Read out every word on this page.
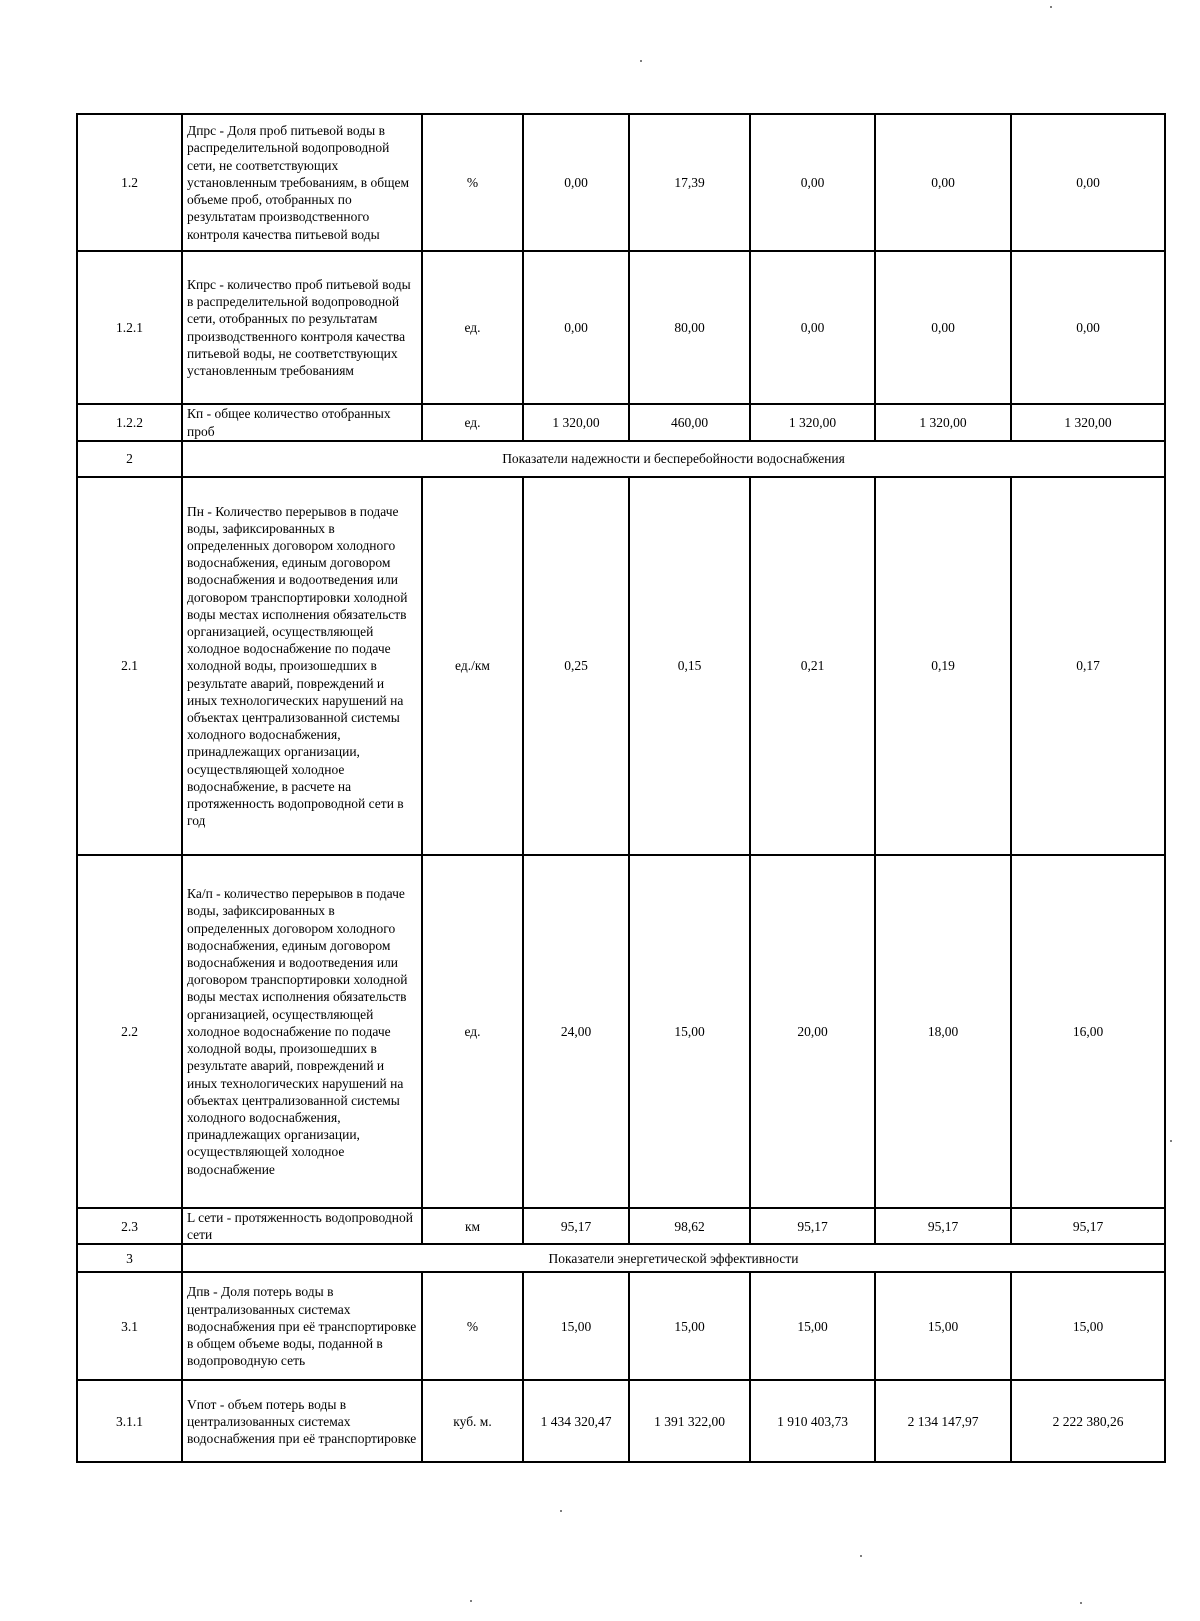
1.2	Дпрс - Доля проб питьевой воды в распределительной водопроводной сети, не соответствующих установленным требованиям, в общем объеме проб, отобранных по результатам производственного контроля качества питьевой воды	%	0,00	17,39	0,00	0,00	0,00
1.2.1	Кпрс - количество проб питьевой воды в распределительной водопроводной сети, отобранных по результатам производственного контроля качества питьевой воды, не соответствующих установленным требованиям	ед.	0,00	80,00	0,00	0,00	0,00
1.2.2	Кп - общее количество отобранных проб	ед.	1 320,00	460,00	1 320,00	1 320,00	1 320,00
2	Показатели надежности и бесперебойности водоснабжения						
2.1	Пн - Количество перерывов в подаче воды, зафиксированных в определенных договором холодного водоснабжения, единым договором водоснабжения и водоотведения или договором транспортировки холодной воды местах исполнения обязательств организацией, осуществляющей холодное водоснабжение по подаче холодной воды, произошедших в результате аварий, повреждений и иных технологических нарушений на объектах централизованной системы холодного водоснабжения, принадлежащих организации, осуществляющей холодное водоснабжение, в расчете на протяженность водопроводной сети в год	ед./км	0,25	0,15	0,21	0,19	0,17
2.2	Ка/п - количество перерывов в подаче воды, зафиксированных в определенных договором холодного водоснабжения, единым договором водоснабжения и водоотведения или договором транспортировки холодной воды местах исполнения обязательств организацией, осуществляющей холодное водоснабжение по подаче холодной воды, произошедших в результате аварий, повреждений и иных технологических нарушений на объектах централизованной системы холодного водоснабжения, принадлежащих организации, осуществляющей холодное водоснабжение	ед.	24,00	15,00	20,00	18,00	16,00
2.3	L сети - протяженность водопроводной сети	км	95,17	98,62	95,17	95,17	95,17
3	Показатели энергетической эффективности						
3.1	Дпв - Доля потерь воды в централизованных системах водоснабжения при её транспортировке в общем объеме воды, поданной в водопроводную сеть	%	15,00	15,00	15,00	15,00	15,00
3.1.1	Vпот - объем потерь воды в централизованных системах водоснабжения при её транспортировке	куб. м.	1 434 320,47	1 391 322,00	1 910 403,73	2 134 147,97	2 222 380,26
